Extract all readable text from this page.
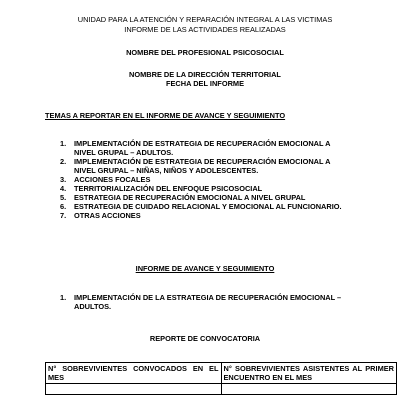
UNIDAD PARA LA ATENCIÓN Y REPARACIÓN INTEGRAL A LAS VICTIMAS
INFORME DE LAS ACTIVIDADES REALIZADAS
NOMBRE DEL PROFESIONAL PSICOSOCIAL
NOMBRE DE LA DIRECCIÓN TERRITORIAL
FECHA DEL INFORME
TEMAS A REPORTAR EN EL INFORME DE AVANCE Y SEGUIMIENTO
1. IMPLEMENTACIÓN DE ESTRATEGIA DE RECUPERACIÓN EMOCIONAL A
NIVEL GRUPAL – ADULTOS.
2. IMPLEMENTACIÓN DE ESTRATEGIA DE RECUPERACIÓN EMOCIONAL A
NIVEL GRUPAL – NIÑAS, NIÑOS Y ADOLESCENTES.
3. ACCIONES FOCALES
4. TERRITORIALIZACIÓN DEL ENFOQUE PSICOSOCIAL
5. ESTRATEGIA DE RECUPERACIÓN EMOCIONAL A NIVEL GRUPAL
6. ESTRATEGIA DE CUIDADO RELACIONAL Y EMOCIONAL AL FUNCIONARIO.
7. OTRAS ACCIONES
INFORME DE AVANCE Y SEGUIMIENTO
1. IMPLEMENTACIÓN DE LA ESTRATEGIA DE RECUPERACIÓN EMOCIONAL –
ADULTOS.
REPORTE DE CONVOCATORIA
N° SOBREVIVIENTES CONVOCADOS EN EL MES	N° SOBREVIVIENTES ASISTENTES AL PRIMER ENCUENTRO EN EL MES
